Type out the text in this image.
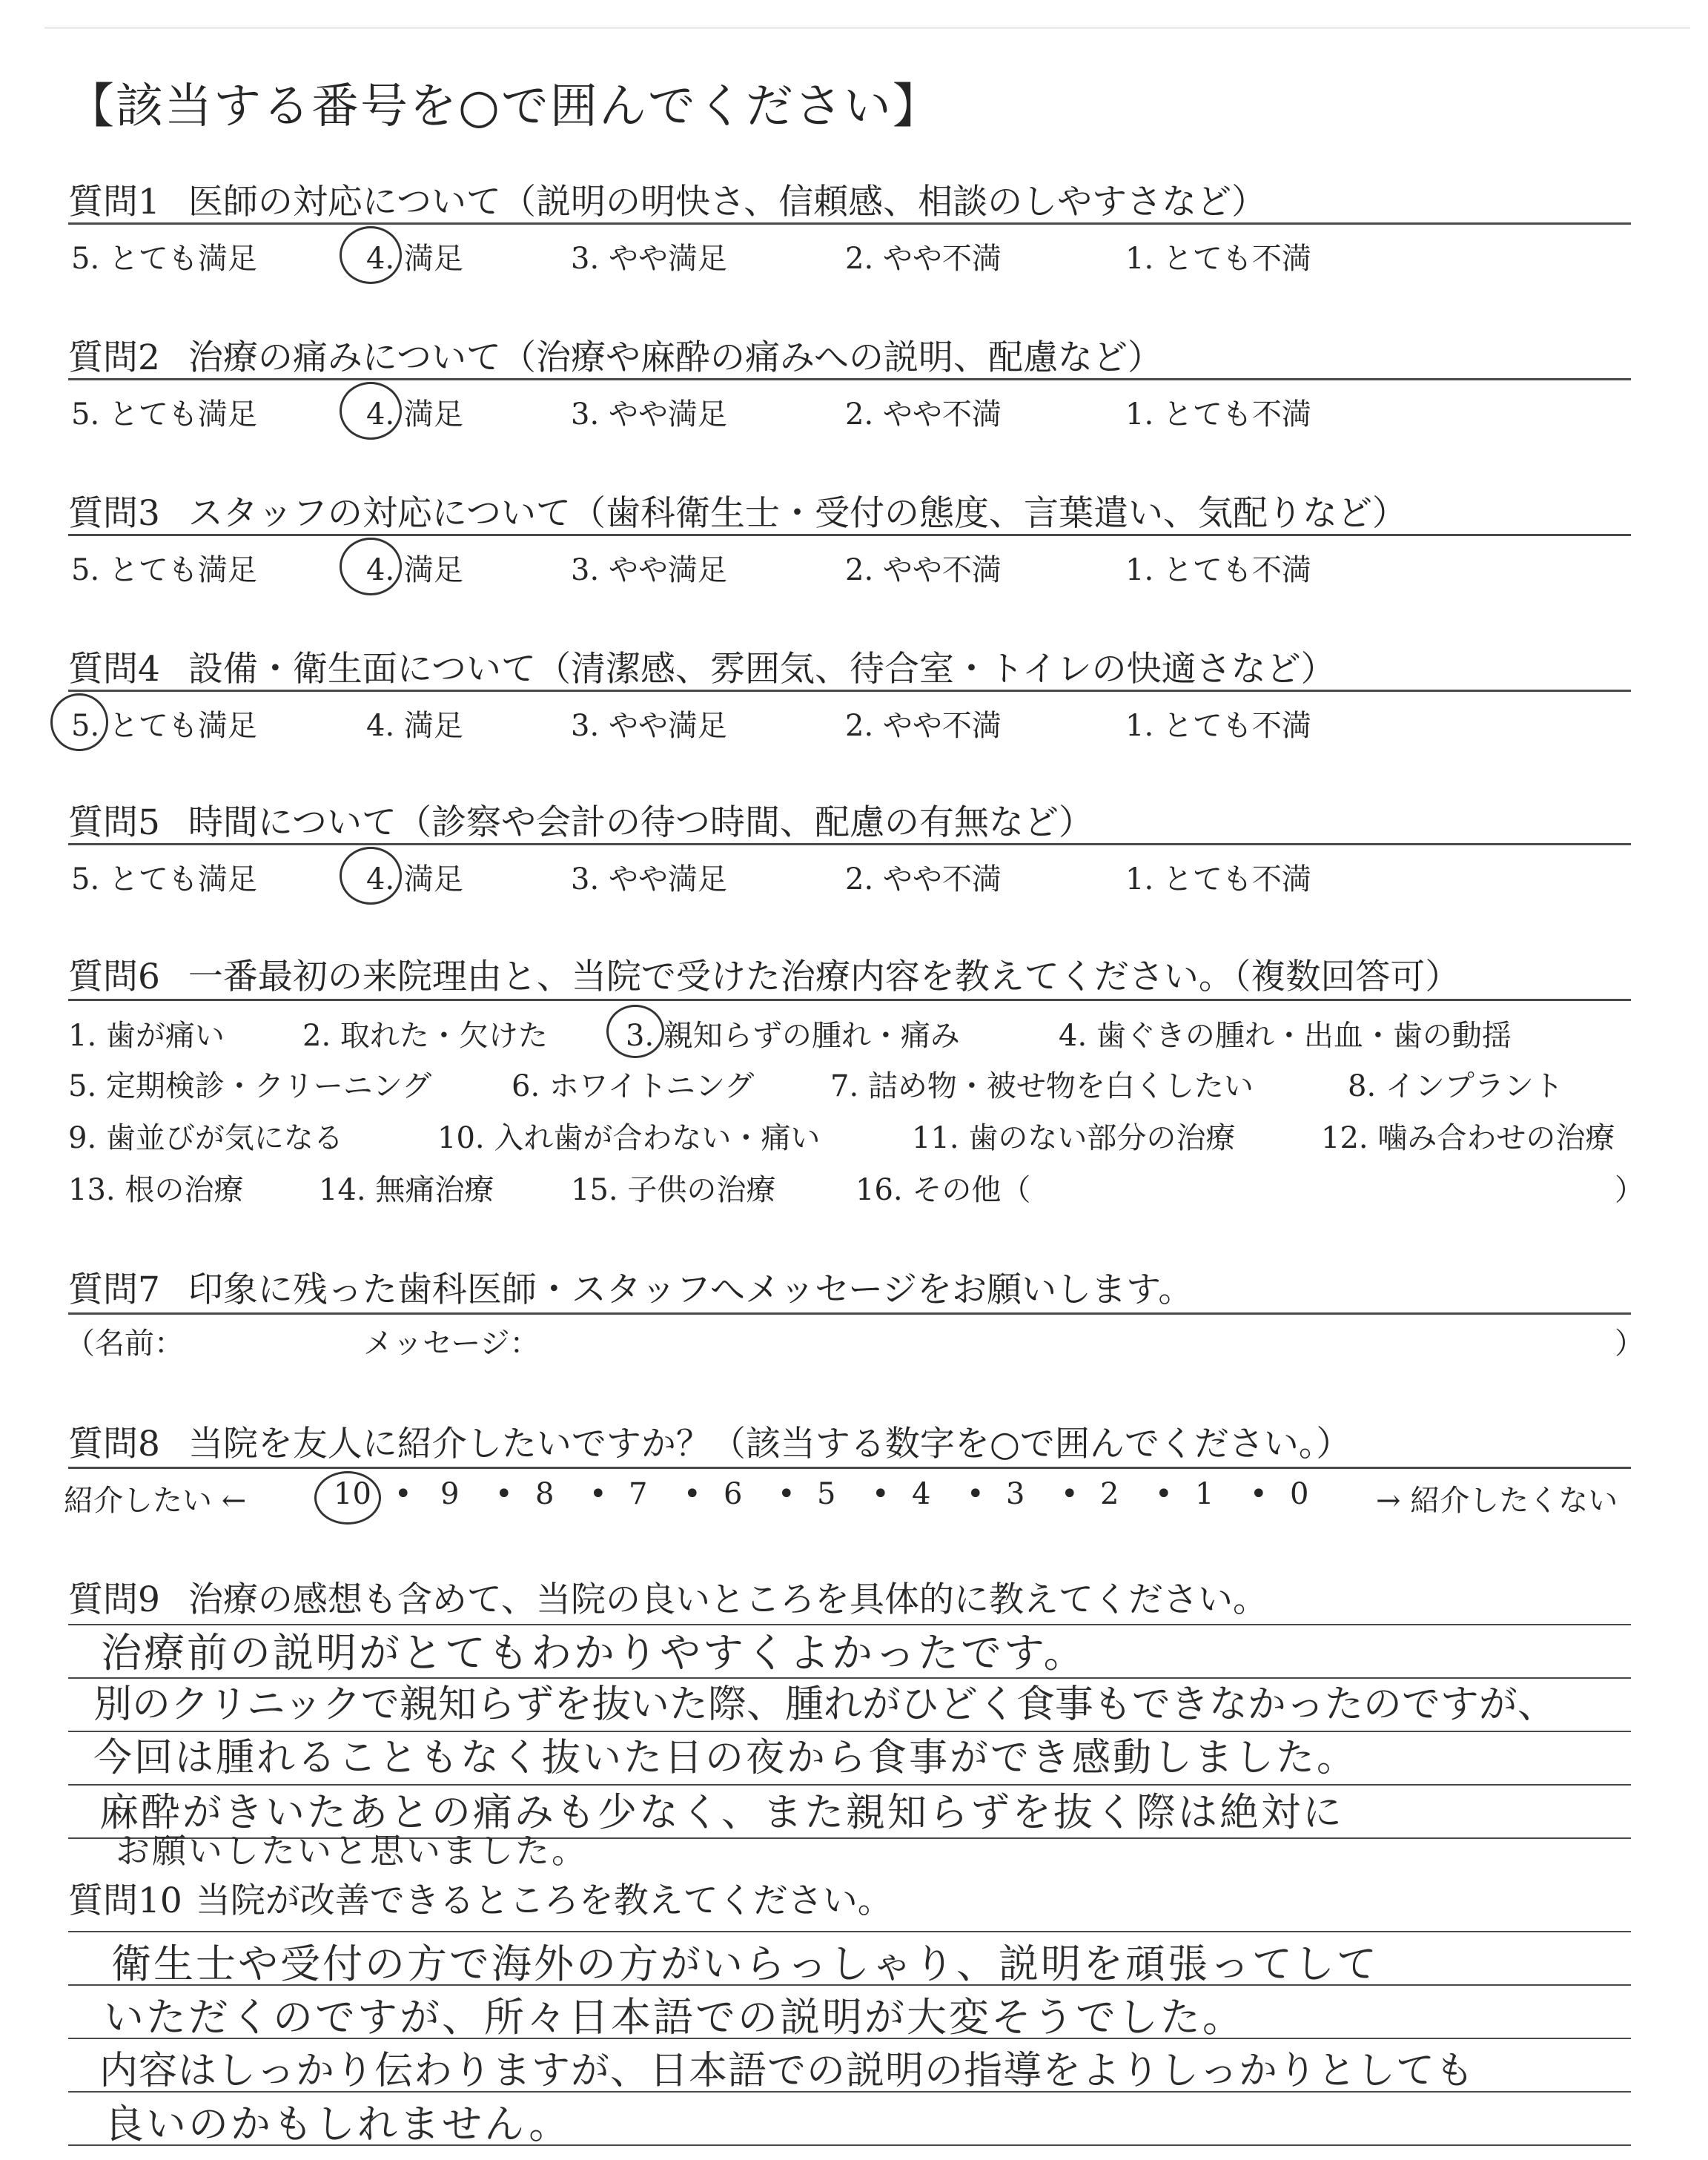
【該当する番号を○で囲んでください】
質問1 医師の対応について（説明の明快さ、信頼感、相談のしやすさなど）
5. とても満足	4. 満足	3. やや満足	2. やや不満	1. とても不満
質問2 治療の痛みについて（治療や麻酔の痛みへの説明、配慮など）
5. とても満足	4. 満足	3. やや満足	2. やや不満	1. とても不満
質問3 スタッフの対応について（歯科衛生士・受付の態度、言葉遣い、気配りなど）
5. とても満足	4. 満足	3. やや満足	2. やや不満	1. とても不満
質問4 設備・衛生面について（清潔感、雰囲気、待合室・トイレの快適さなど）
5. とても満足	4. 満足	3. やや満足	2. やや不満	1. とても不満
質問5 時間について（診察や会計の待つ時間、配慮の有無など）
5. とても満足	4. 満足	3. やや満足	2. やや不満	1. とても不満
質問6 一番最初の来院理由と、当院で受けた治療内容を教えてください。（複数回答可）
1. 歯が痛い	2. 取れた・欠けた	3. 親知らずの腫れ・痛み	4. 歯ぐきの腫れ・出血・歯の動揺
5. 定期検診・クリーニング	6. ホワイトニング	7. 詰め物・被せ物を白くしたい	8. インプラント
9. 歯並びが気になる	10. 入れ歯が合わない・痛い	11. 歯のない部分の治療	12. 噛み合わせの治療
13. 根の治療	14. 無痛治療	15. 子供の治療	16. その他（	）
質問7 印象に残った歯科医師・スタッフへメッセージをお願いします。
（名前：	メッセージ：	）
質問8 当院を友人に紹介したいですか？（該当する数字を○で囲んでください。）
紹介したい ←	→ 紹介したくない
10 • 9 • 8 • 7 • 6 • 5 • 4 • 3 • 2 • 1 • 0
質問9 治療の感想も含めて、当院の良いところを具体的に教えてください。
治療前の説明がとてもわかりやすくよかったです。
別のクリニックで親知らずを抜いた際、腫れがひどく食事もできなかったのですが、
今回は腫れることもなく抜いた日の夜から食事ができ感動しました。
麻酔がきいたあとの痛みも少なく、また親知らずを抜く際は絶対に
お願いしたいと思いました。
質問10 当院が改善できるところを教えてください。
衛生士や受付の方で海外の方がいらっしゃり、説明を頑張ってして
いただくのですが、所々日本語での説明が大変そうでした。
内容はしっかり伝わりますが、日本語での説明の指導をよりしっかりとしても
良いのかもしれません。
